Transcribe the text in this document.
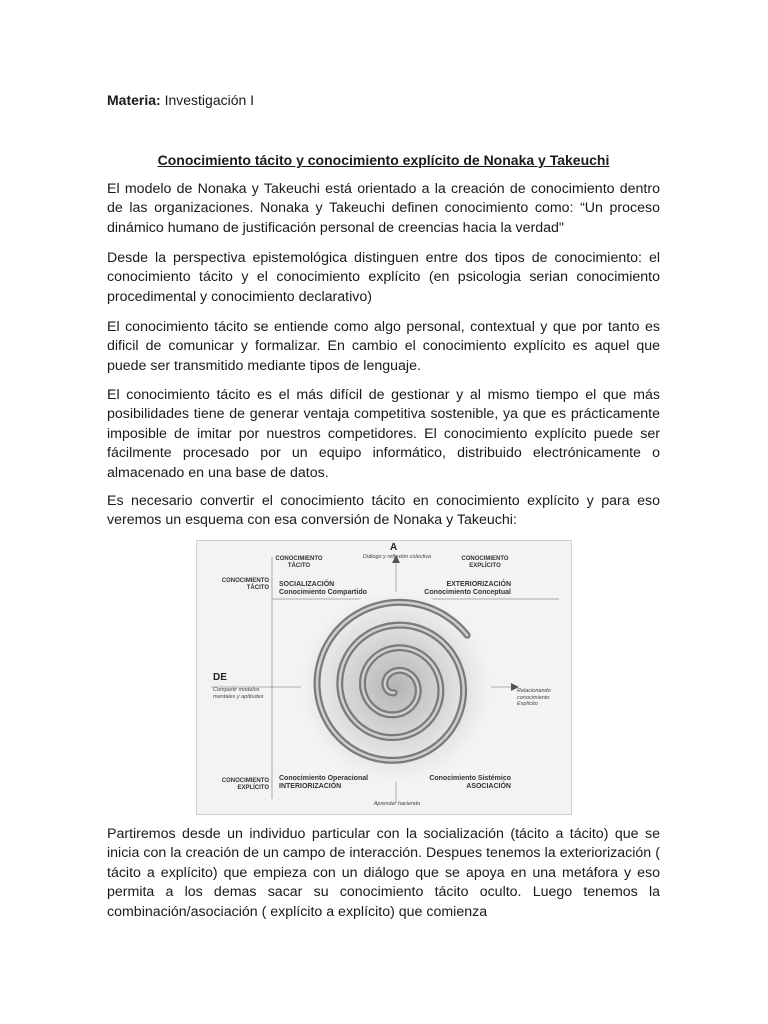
Materia: Investigación I
Conocimiento tácito y conocimiento explícito de Nonaka y Takeuchi

El modelo de Nonaka y Takeuchi está orientado a la creación de conocimiento dentro de las organizaciones. Nonaka y Takeuchi definen conocimiento como: “Un proceso dinámico humano de justificación personal de creencias hacia la verdad"

Desde la perspectiva epistemológica distinguen entre dos tipos de conocimiento: el conocimiento tácito y el conocimiento explícito (en psicologia serian conocimiento procedimental y conocimiento declarativo)

El conocimiento tácito se entiende como algo personal, contextual y que por tanto es dificil de comunicar y formalizar. En cambio el conocimiento explícito es aquel que puede ser transmitido mediante tipos de lenguaje.

El conocimiento tácito es el más difícil de gestionar y al mismo tiempo el que más posibilidades tiene de generar ventaja competitiva sostenible, ya que es prácticamente imposible de imitar por nuestros competidores. El conocimiento explícito puede ser fácilmente procesado por un equipo informático, distribuido electrónicamente o almacenado en una base de datos.

Es necesario convertir el conocimiento tácito en conocimiento explícito y para eso veremos un esquema con esa conversión de Nonaka y Takeuchi:

Partiremos desde un individuo particular con la socialización (tácito a tácito) que se inicia con la creación de un campo de interacción. Despues tenemos la exteriorización ( tácito a explícito) que empieza con un diálogo que se apoya en una metáfora y eso permita a los demas sacar su conocimiento tácito oculto. Luego tenemos la combinación/asociación ( explícito a explícito) que comienza

A
Diálogo y reflexión colectiva
DE
Compartir modelos mentales y aptitudes
Relacionando conocimiento Explícito
Aprender haciendo
CONOCIMIENTO TÁCITO
CONOCIMIENTO EXPLÍCITO
CONOCIMIENTO TÁCITO
CONOCIMIENTO EXPLÍCITO
SOCIALIZACIÓN
Conocimiento Compartido
EXTERIORIZACIÓN
Conocimiento Conceptual
Conocimiento Operacional
INTERIORIZACIÓN
Conocimiento Sistémico
ASOCIACIÓN
